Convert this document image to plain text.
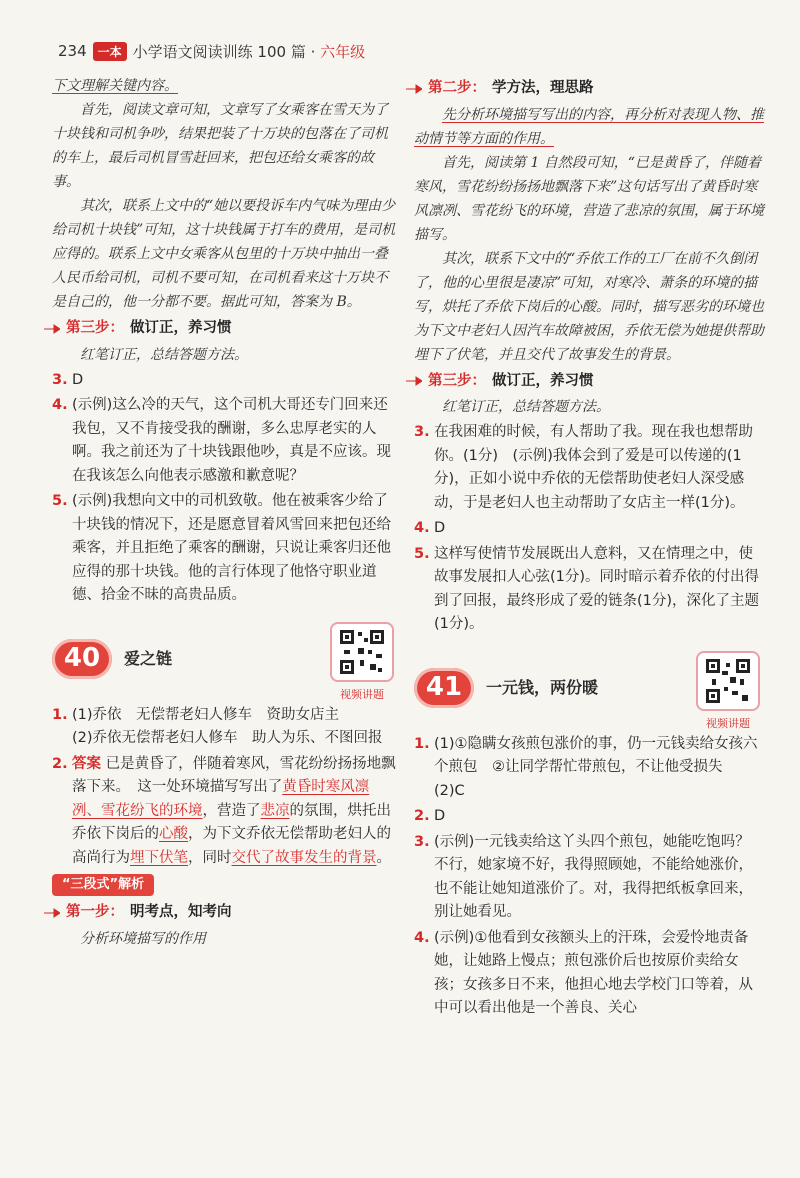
234 一本 小学语文阅读训练 100 篇 · 六年级

下文理解关键内容。

首先，阅读文章可知，文章写了女乘客在雪天为了十块钱和司机争吵，结果把装了十万块的包落在了司机的车上，最后司机冒雪赶回来，把包还给女乘客的故事。

其次，联系上文中的“她以要投诉车内气味为理由少给司机十块钱”可知，这十块钱属于打车的费用，是司机应得的。联系上文中女乘客从包里的十万块中抽出一叠人民币给司机，司机不要可知，在司机看来这十万块不是自己的，他一分都不要。据此可知，答案为 B。

第三步： 做订正，养习惯

红笔订正，总结答题方法。

3. D
4. (示例)这么冷的天气，这个司机大哥还专门回来还我包，又不肯接受我的酬谢，多么忠厚老实的人啊。我之前还为了十块钱跟他吵，真是不应该。现在我该怎么向他表示感激和歉意呢？
5. (示例)我想向文中的司机致敬。他在被乘客少给了十块钱的情况下，还是愿意冒着风雪回来把包还给乘客，并且拒绝了乘客的酬谢，只说让乘客归还他应得的那十块钱。他的言行体现了他恪守职业道德、拾金不昧的高贵品质。
40	爱之链
视频讲题
1. (1)乔依　无偿帮老妇人修车　资助女店主
(2)乔依无偿帮老妇人修车　助人为乐、不图回报
2. 答案 已是黄昏了，伴随着寒风，雪花纷纷扬扬地飘落下来。　这一处环境描写写出了黄昏时寒风凛冽、雪花纷飞的环境，营造了悲凉的氛围，烘托出乔依下岗后的心酸，为下文乔依无偿帮助老妇人的高尚行为埋下伏笔，同时交代了故事发生的背景。
“三段式”解析
第一步： 明考点，知考向

分析环境描写的作用

第二步： 学方法，理思路

先分析环境描写写出的内容，再分析对表现人物、推动情节等方面的作用。

首先，阅读第 1 自然段可知，“已是黄昏了，伴随着寒风，雪花纷纷扬扬地飘落下来”这句话写出了黄昏时寒风凛冽、雪花纷飞的环境，营造了悲凉的氛围，属于环境描写。

其次，联系下文中的“乔依工作的工厂在前不久倒闭了，他的心里很是凄凉”可知，对寒冷、萧条的环境的描写，烘托了乔依下岗后的心酸。同时，描写恶劣的环境也为下文中老妇人因汽车故障被困，乔依无偿为她提供帮助埋下了伏笔，并且交代了故事发生的背景。

第三步： 做订正，养习惯

红笔订正，总结答题方法。

3. 在我困难的时候，有人帮助了我。现在我也想帮助你。(1分)　(示例)我体会到了爱是可以传递的(1分)，正如小说中乔依的无偿帮助使老妇人深受感动，于是老妇人也主动帮助了女店主一样(1分)。
4. D
5. 这样写使情节发展既出人意料，又在情理之中，使故事发展扣人心弦(1分)。同时暗示着乔依的付出得到了回报，最终形成了爱的链条(1分)，深化了主题(1分)。
41	一元钱，两份暖
视频讲题
1. (1)①隐瞒女孩煎包涨价的事，仍一元钱卖给女孩六个煎包　②让同学帮忙带煎包，不让他受损失
(2)C
2. D
3. (示例)一元钱卖给这丫头四个煎包，她能吃饱吗？不行，她家境不好，我得照顾她，不能给她涨价，也不能让她知道涨价了。对，我得把纸板拿回来，别让她看见。
4. (示例)①他看到女孩额头上的汗珠，会爱怜地责备她，让她路上慢点；煎包涨价后也按原价卖给女孩；女孩多日不来，他担心地去学校门口等着，从中可以看出他是一个善良、关心
